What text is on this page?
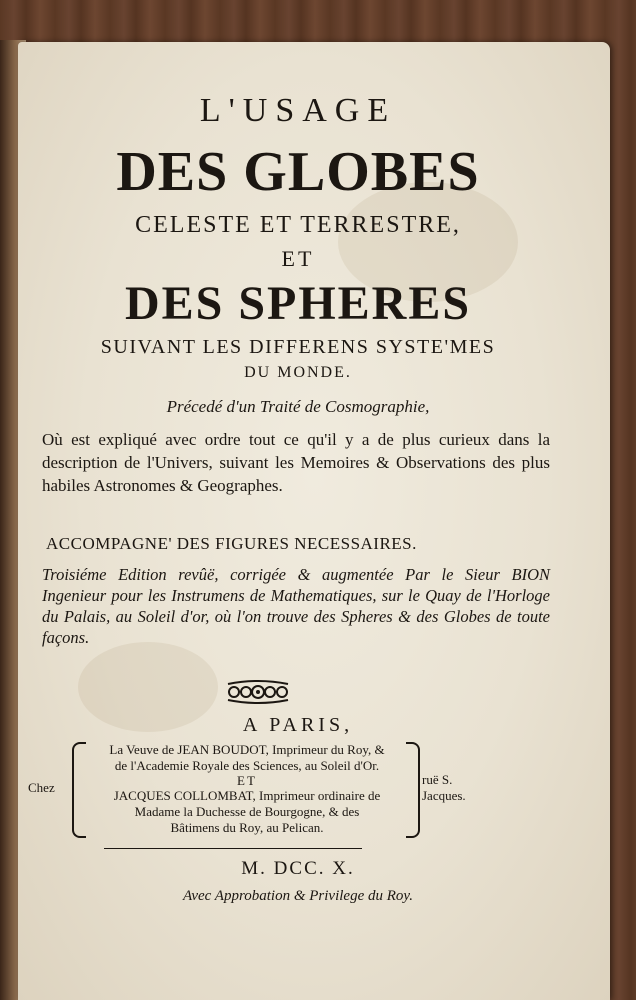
L'USAGE
DES GLOBES
CELESTE ET TERRESTRE,
ET
DES SPHERES
SUIVANT LES DIFFERENS SYSTE'MES
DU MONDE.
Précedé d'un Traité de Cosmographie,
Où est expliqué avec ordre tout ce qu'il y a de plus curieux dans la description de l'Univers, suivant les Memoires & Observations des plus habiles Astronomes & Geographes.
ACCOMPAGNE' DES FIGURES NECESSAIRES.
Troisiéme Edition revûë, corrigée & augmentée Par le Sieur BION Ingenieur pour les Instrumens de Mathematiques, sur le Quay de l'Horloge du Palais, au Soleil d'or, où l'on trouve des Spheres & des Globes de toute façons.
A PARIS,
Chez
La Veuve de JEAN BOUDOT, Imprimeur du Roy, &
de l'Academie Royale des Sciences, au Soleil d'Or.
ET
JACQUES COLLOMBAT, Imprimeur ordinaire de
Madame la Duchesse de Bourgogne, & des
Bâtimens du Roy, au Pelican.
ruë S.
Jacques.
M. DCC. X.
Avec Approbation & Privilege du Roy.
